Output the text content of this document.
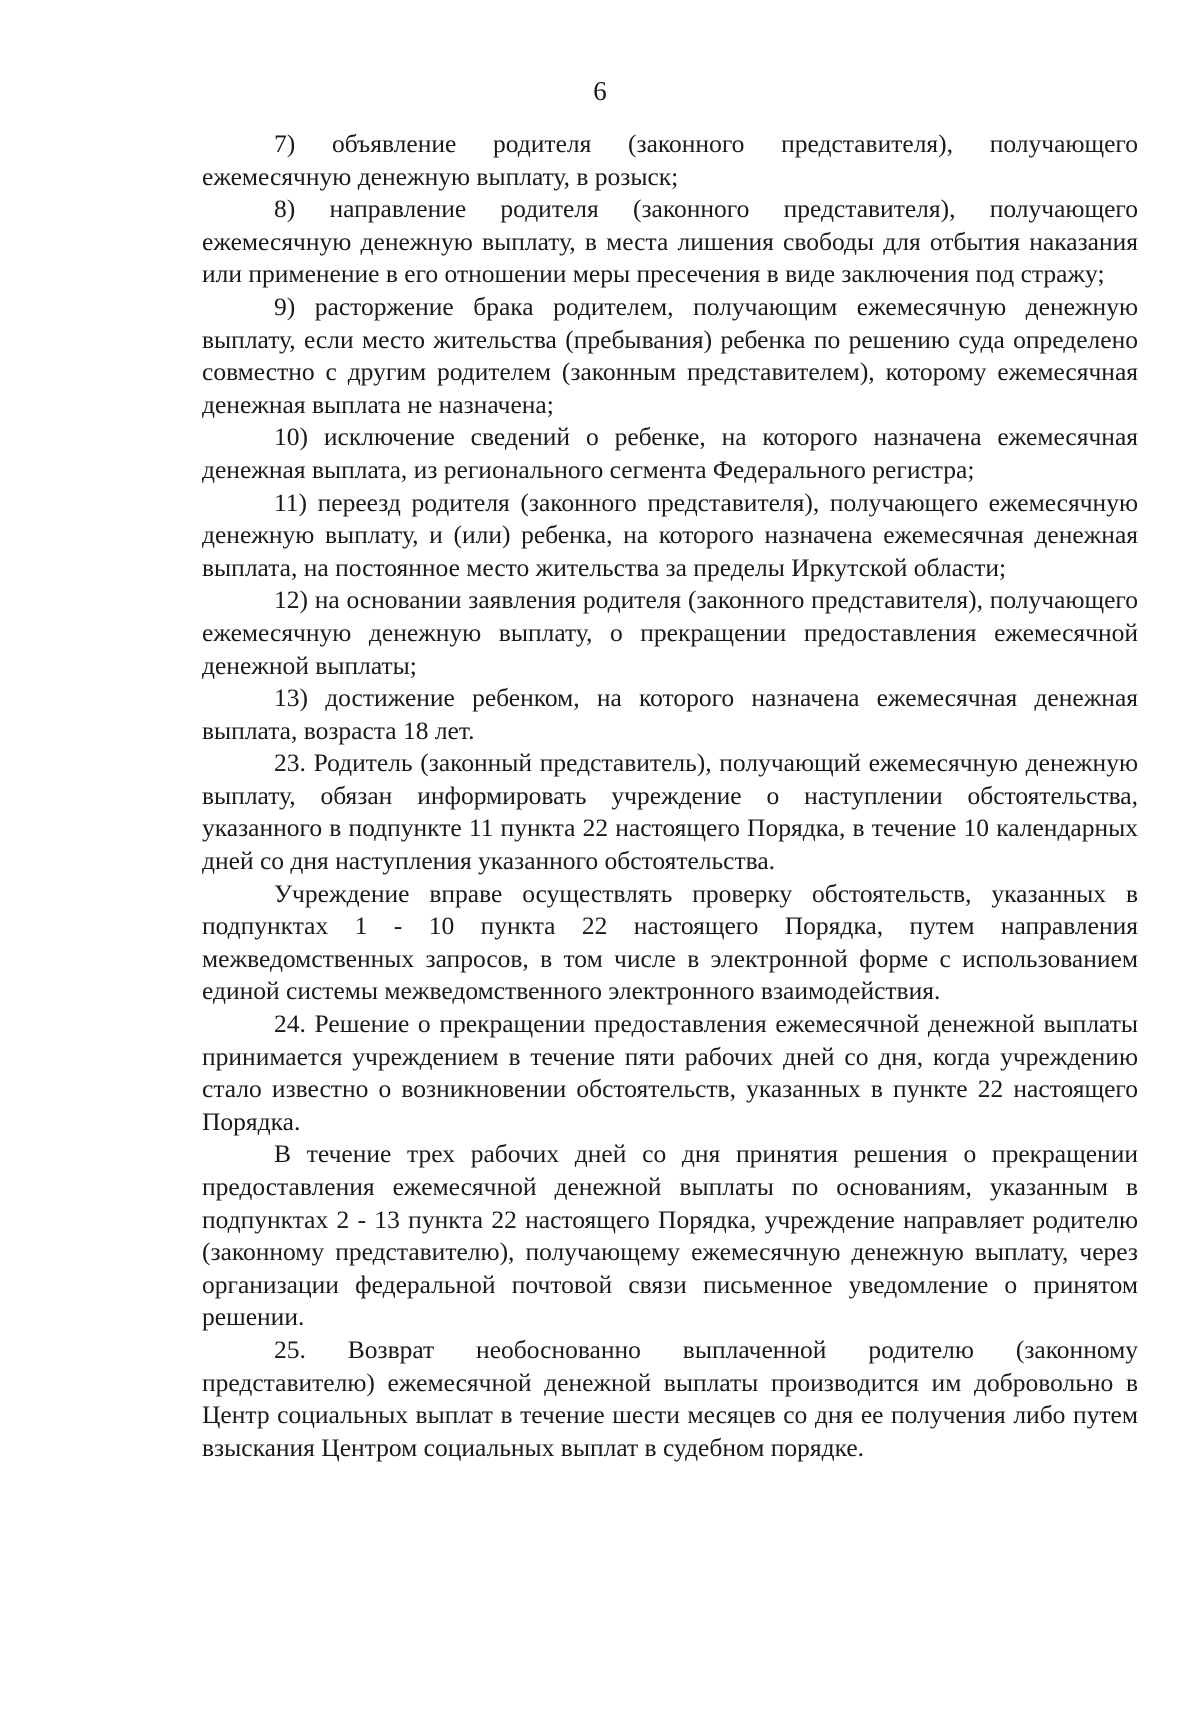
6

7) объявление родителя (законного представителя), получающего ежемесячную денежную выплату, в розыск;

8) направление родителя (законного представителя), получающего ежемесячную денежную выплату, в места лишения свободы для отбытия наказания или применение в его отношении меры пресечения в виде заключения под стражу;

9) расторжение брака родителем, получающим ежемесячную денежную выплату, если место жительства (пребывания) ребенка по решению суда определено совместно с другим родителем (законным представителем), которому ежемесячная денежная выплата не назначена;

10) исключение сведений о ребенке, на которого назначена ежемесячная денежная выплата, из регионального сегмента Федерального регистра;

11) переезд родителя (законного представителя), получающего ежемесячную денежную выплату, и (или) ребенка, на которого назначена ежемесячная денежная выплата, на постоянное место жительства за пределы Иркутской области;

12) на основании заявления родителя (законного представителя), получающего ежемесячную денежную выплату, о прекращении предоставления ежемесячной денежной выплаты;

13) достижение ребенком, на которого назначена ежемесячная денежная выплата, возраста 18 лет.

23. Родитель (законный представитель), получающий ежемесячную денежную выплату, обязан информировать учреждение о наступлении обстоятельства, указанного в подпункте 11 пункта 22 настоящего Порядка, в течение 10 календарных дней со дня наступления указанного обстоятельства.

Учреждение вправе осуществлять проверку обстоятельств, указанных в подпунктах 1 - 10 пункта 22 настоящего Порядка, путем направления межведомственных запросов, в том числе в электронной форме с использованием единой системы межведомственного электронного взаимодействия.

24. Решение о прекращении предоставления ежемесячной денежной выплаты принимается учреждением в течение пяти рабочих дней со дня, когда учреждению стало известно о возникновении обстоятельств, указанных в пункте 22 настоящего Порядка.

В течение трех рабочих дней со дня принятия решения о прекращении предоставления ежемесячной денежной выплаты по основаниям, указанным в подпунктах 2 - 13 пункта 22 настоящего Порядка, учреждение направляет родителю (законному представителю), получающему ежемесячную денежную выплату, через организации федеральной почтовой связи письменное уведомление о принятом решении.

25. Возврат необоснованно выплаченной родителю (законному представителю) ежемесячной денежной выплаты производится им добровольно в Центр социальных выплат в течение шести месяцев со дня ее получения либо путем взыскания Центром социальных выплат в судебном порядке.
